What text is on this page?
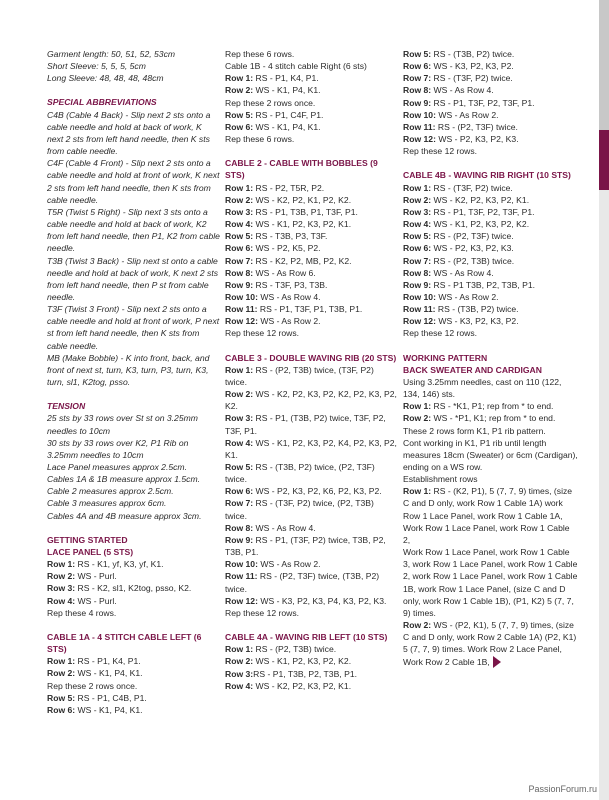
Garment length: 50, 51, 52, 53cm

Short Sleeve: 5, 5, 5, 5cm

Long Sleeve: 48, 48, 48, 48cm

SPECIAL ABBREVIATIONS

C4B (Cable 4 Back) - Slip next 2 sts onto a cable needle and hold at back of work, K next 2 sts from left hand needle, then K sts from cable needle.

C4F (Cable 4 Front) - Slip next 2 sts onto a cable needle and hold at front of work, K next 2 sts from left hand needle, then K sts from cable needle.

T5R (Twist 5 Right) - Slip next 3 sts onto a cable needle and hold at back of work, K2 from left hand needle, then P1, K2 from cable needle.

T3B (Twist 3 Back) - Slip next st onto a cable needle and hold at back of work, K next 2 sts from left hand needle, then P st from cable needle.

T3F (Twist 3 Front) - Slip next 2 sts onto a cable needle and hold at front of work, P next st from left hand needle, then K sts from cable needle.

MB (Make Bobble) - K into front, back, and front of next st, turn, K3, turn, P3, turn, K3, turn, sl1, K2tog, psso.

TENSION

25 sts by 33 rows over St st on 3.25mm needles to 10cm

30 sts by 33 rows over K2, P1 Rib on 3.25mm needles to 10cm

Lace Panel measures approx 2.5cm.

Cables 1A & 1B measure approx 1.5cm.

Cable 2 measures approx 2.5cm.

Cable 3 measures approx 6cm.

Cables 4A and 4B measure approx 3cm.

GETTING STARTED
LACE PANEL (5 STS)

Row 1: RS - K1, yf, K3, yf, K1.

Row 2: WS - Purl.

Row 3: RS - K2, sl1, K2tog, psso, K2.

Row 4: WS - Purl.

Rep these 4 rows.

CABLE 1A - 4 STITCH CABLE LEFT (6 STS)

Row 1: RS - P1, K4, P1.

Row 2: WS - K1, P4, K1.

Rep these 2 rows once.

Row 5: RS - P1, C4B, P1.

Row 6: WS - K1, P4, K1.

Rep these 6 rows.

Cable 1B - 4 stitch cable Right (6 sts)

Row 1: RS - P1, K4, P1.

Row 2: WS - K1, P4, K1.

Rep these 2 rows once.

Row 5: RS - P1, C4F, P1.

Row 6: WS - K1, P4, K1.

Rep these 6 rows.

CABLE 2 - CABLE WITH BOBBLES (9 STS)

Row 1: RS - P2, T5R, P2.

Row 2: WS - K2, P2, K1, P2, K2.

Row 3: RS - P1, T3B, P1, T3F, P1.

Row 4: WS - K1, P2, K3, P2, K1.

Row 5: RS - T3B, P3, T3F.

Row 6: WS - P2, K5, P2.

Row 7: RS - K2, P2, MB, P2, K2.

Row 8: WS - As Row 6.

Row 9: RS - T3F, P3, T3B.

Row 10: WS - As Row 4.

Row 11: RS - P1, T3F, P1, T3B, P1.

Row 12: WS - As Row 2.

Rep these 12 rows.

CABLE 3 - DOUBLE WAVING RIB (20 STS)

Row 1: RS - (P2, T3B) twice, (T3F, P2) twice.

Row 2: WS - K2, P2, K3, P2, K2, P2, K3, P2, K2.

Row 3: RS - P1, (T3B, P2) twice, T3F, P2, T3F, P1.

Row 4: WS - K1, P2, K3, P2, K4, P2, K3, P2, K1.

Row 5: RS - (T3B, P2) twice, (P2, T3F) twice.

Row 6: WS - P2, K3, P2, K6, P2, K3, P2.

Row 7: RS - (T3F, P2) twice, (P2, T3B) twice.

Row 8: WS - As Row 4.

Row 9: RS - P1, (T3F, P2) twice, T3B, P2, T3B, P1.

Row 10: WS - As Row 2.

Row 11: RS - (P2, T3F) twice, (T3B, P2) twice.

Row 12: WS - K3, P2, K3, P4, K3, P2, K3.

Rep these 12 rows.

CABLE 4A - WAVING RIB LEFT (10 STS)

Row 1: RS - (P2, T3B) twice.

Row 2: WS - K1, P2, K3, P2, K2.

Row 3:RS - P1, T3B, P2, T3B, P1.

Row 4: WS - K2, P2, K3, P2, K1.

Row 5: RS - (T3B, P2) twice.

Row 6: WS - K3, P2, K3, P2.

Row 7: RS - (T3F, P2) twice.

Row 8: WS - As Row 4.

Row 9: RS - P1, T3F, P2, T3F, P1.

Row 10: WS - As Row 2.

Row 11: RS - (P2, T3F) twice.

Row 12: WS - P2, K3, P2, K3.

Rep these 12 rows.

CABLE 4B - WAVING RIB RIGHT (10 STS)

Row 1: RS - (T3F, P2) twice.

Row 2: WS - K2, P2, K3, P2, K1.

Row 3: RS - P1, T3F, P2, T3F, P1.

Row 4: WS - K1, P2, K3, P2, K2.

Row 5: RS - (P2, T3F) twice.

Row 6: WS - P2, K3, P2, K3.

Row 7: RS - (P2, T3B) twice.

Row 8: WS - As Row 4.

Row 9: RS - P1 T3B, P2, T3B, P1.

Row 10: WS - As Row 2.

Row 11: RS - (T3B, P2) twice.

Row 12: WS - K3, P2, K3, P2.

Rep these 12 rows.

WORKING PATTERN
BACK SWEATER AND CARDIGAN

Using 3.25mm needles, cast on 110 (122, 134, 146) sts.

Row 1: RS - *K1, P1; rep from * to end.

Row 2: WS - *P1, K1; rep from * to end.

These 2 rows form K1, P1 rib pattern.

Cont working in K1, P1 rib until length measures 18cm (Sweater) or 6cm (Cardigan), ending on a WS row.

Establishment rows

Row 1: RS - (K2, P1), 5 (7, 7, 9) times, (size C and D only, work Row 1 Cable 1A) work Row 1 Lace Panel, work Row 1 Cable 1A, Work Row 1 Lace Panel, work Row 1 Cable 2,

Work Row 1 Lace Panel, work Row 1 Cable 3, work Row 1 Lace Panel, work Row 1 Cable 2, work Row 1 Lace Panel, work Row 1 Cable 1B, work Row 1 Lace Panel, (size C and D only, work Row 1 Cable 1B), (P1, K2) 5 (7, 7, 9) times.

Row 2: WS - (P2, K1), 5 (7, 7, 9) times, (size C and D only, work Row 2 Cable 1A) (P2, K1) 5 (7, 7, 9) times. Work Row 2 Lace Panel,

Work Row 2 Cable 1B,

PassionForum.ru
